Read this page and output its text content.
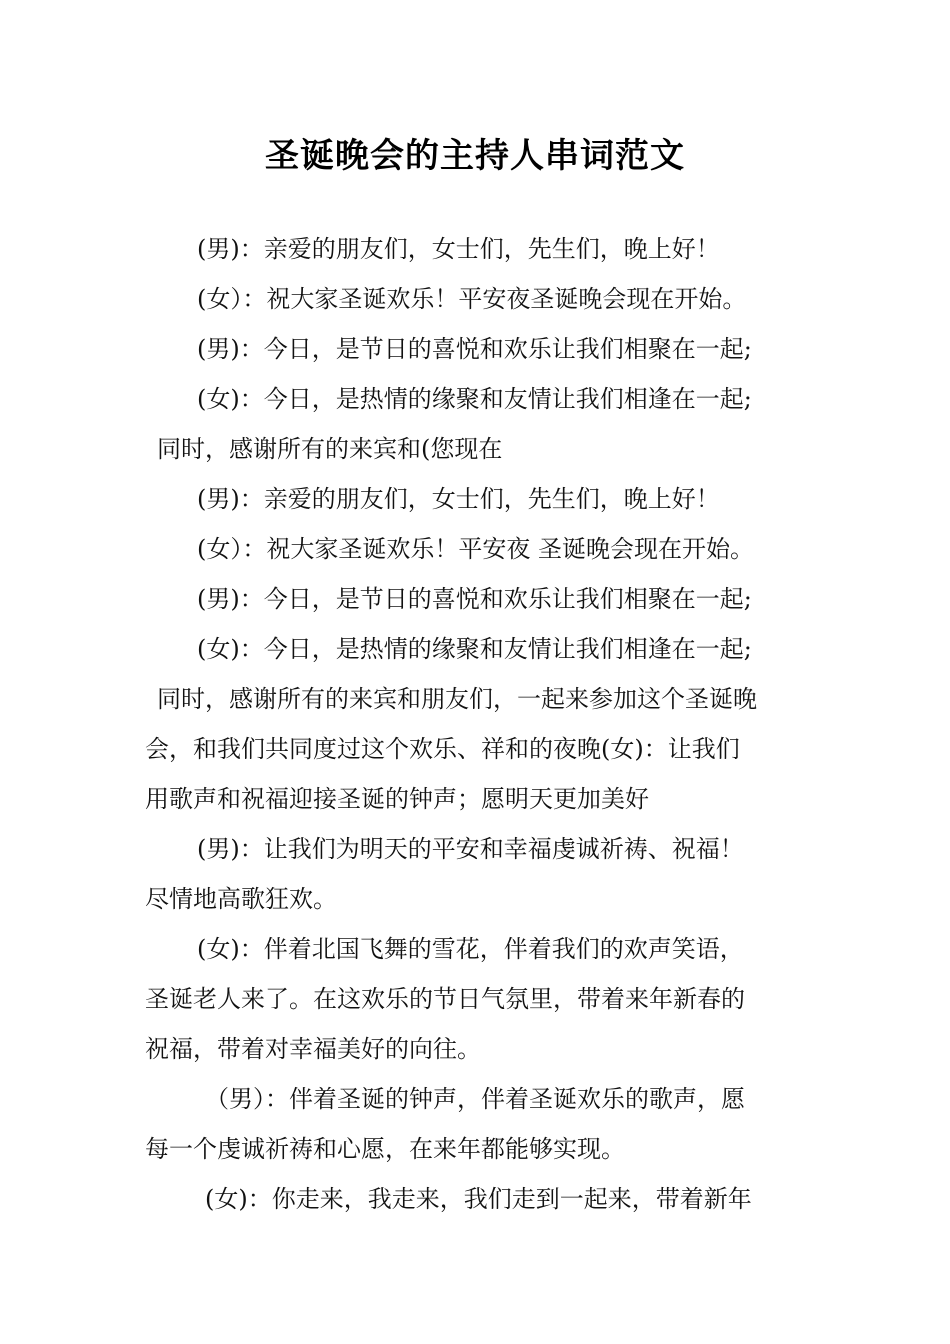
圣诞晚会的主持人串词范文
(男)：亲爱的朋友们，女士们，先生们，晚上好！
(女）：祝大家圣诞欢乐！平安夜圣诞晚会现在开始。
(男)：今日，是节日的喜悦和欢乐让我们相聚在一起;
(女)：今日，是热情的缘聚和友情让我们相逢在一起;
同时，感谢所有的来宾和(您现在
(男)：亲爱的朋友们，女士们，先生们，晚上好！
(女）：祝大家圣诞欢乐！平安夜 圣诞晚会现在开始。
(男)：今日，是节日的喜悦和欢乐让我们相聚在一起;
(女)：今日，是热情的缘聚和友情让我们相逢在一起;
同时，感谢所有的来宾和朋友们，一起来参加这个圣诞晚
会，和我们共同度过这个欢乐、祥和的夜晚(女)：让我们
用歌声和祝福迎接圣诞的钟声；愿明天更加美好
(男)：让我们为明天的平安和幸福虔诚祈祷、祝福！
尽情地高歌狂欢。
(女)：伴着北国飞舞的雪花，伴着我们的欢声笑语，
圣诞老人来了。在这欢乐的节日气氛里，带着来年新春的
祝福，带着对幸福美好的向往。
（男）：伴着圣诞的钟声，伴着圣诞欢乐的歌声，愿
每一个虔诚祈祷和心愿，在来年都能够实现。
(女)：你走来，我走来，我们走到一起来，带着新年
